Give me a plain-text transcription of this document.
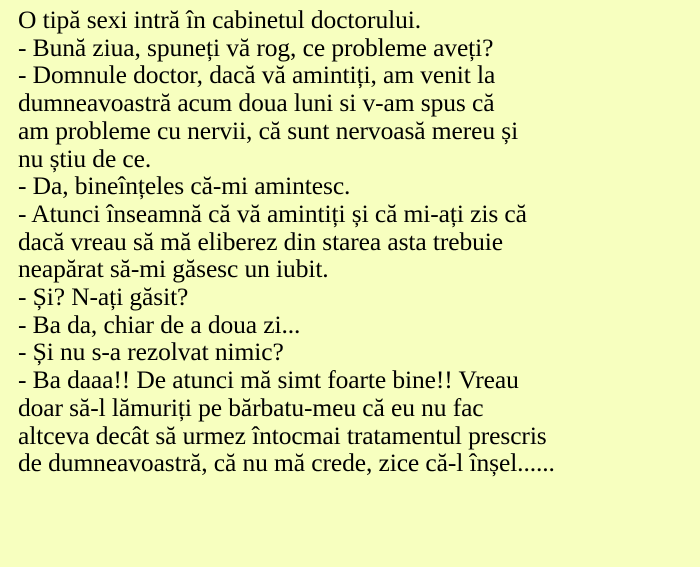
O tipă sexi intră în cabinetul doctorului.
- Bună ziua, spuneți vă rog, ce probleme aveți?
- Domnule doctor, dacă vă amintiți, am venit la
dumneavoastră acum doua luni si v-am spus că
am probleme cu nervii, că sunt nervoasă mereu și
nu știu de ce.
- Da, bineînțeles că-mi amintesc.
- Atunci înseamnă că vă amintiți și că mi-ați zis că
dacă vreau să mă eliberez din starea asta trebuie
neapărat să-mi găsesc un iubit.
- Și? N-ați găsit?
- Ba da, chiar de a doua zi...
- Și nu s-a rezolvat nimic?
- Ba daaa!! De atunci mă simt foarte bine!! Vreau
doar să-l lămuriți pe bărbatu-meu că eu nu fac
altceva decât să urmez întocmai tratamentul prescris
de dumneavoastră, că nu mă crede, zice că-l înșel......
